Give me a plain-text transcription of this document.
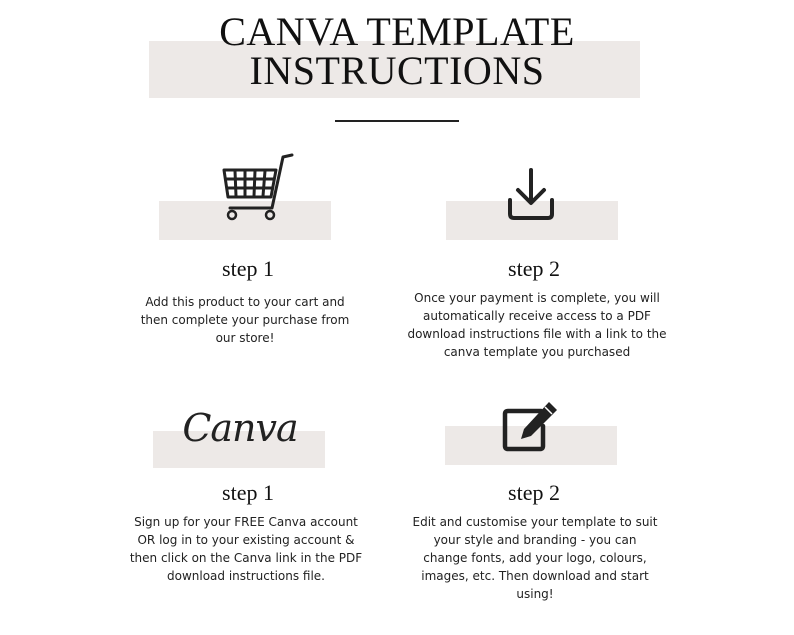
CANVA TEMPLATE
INSTRUCTIONS
step 1

Add this product to your cart and then complete your purchase from our store!

step 2

Once your payment is complete, you will automatically receive access to a PDF download instructions file with a link to the canva template you purchased

Canva
step 1

Sign up for your FREE Canva account OR log in to your existing account & then click on the Canva link in the PDF download instructions file.

step 2

Edit and customise your template to suit your style and branding - you can change fonts, add your logo, colours, images, etc. Then download and start using!
